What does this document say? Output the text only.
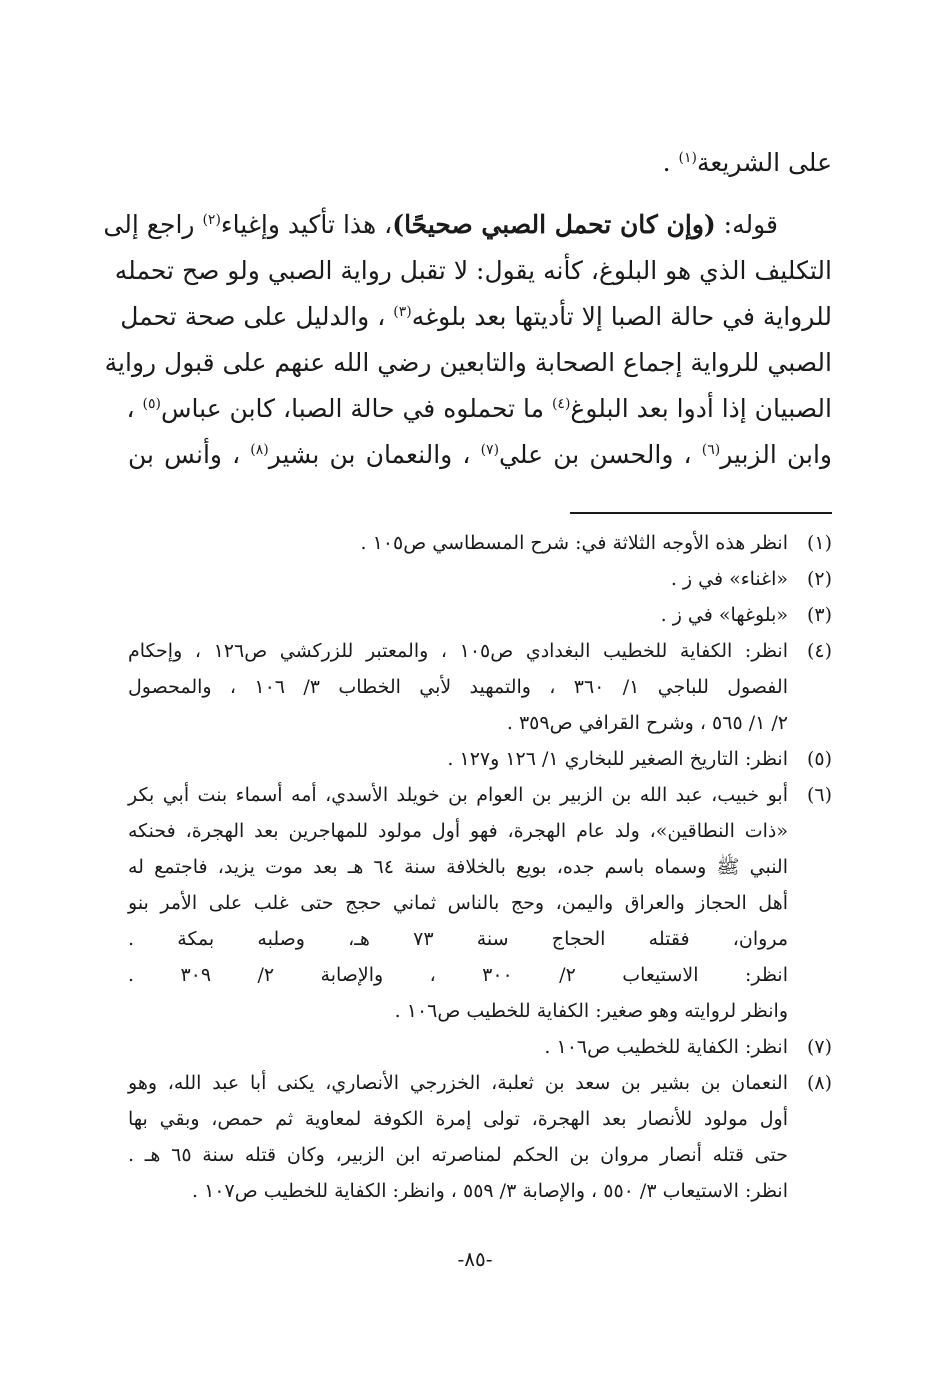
على الشريعة$^{(١)}$ .
قوله: (وإن كان تحمل الصبي صحيحًا)، هذا تأكيد وإغياء$^{(٢)}$ راجع إلى
التكليف الذي هو البلوغ، كأنه يقول: لا تقبل رواية الصبي ولو صح تحمله
للرواية في حالة الصبا إلا تأديتها بعد بلوغه$^{(٣)}$ ، والدليل على صحة تحمل
الصبي للرواية إجماع الصحابة والتابعين رضي الله عنهم على قبول رواية
الصبيان إذا أدوا بعد البلوغ$^{(٤)}$ ما تحملوه في حالة الصبا، كابن عباس$^{(٥)}$ ،
وابن الزبير$^{(٦)}$ ، والحسن بن علي$^{(٧)}$ ، والنعمان بن بشير$^{(٨)}$ ، وأنس بن
(١)
انظر هذه الأوجه الثلاثة في: شرح المسطاسي ص١٠٥ .
(٢)
«اغناء» في ز .
(٣)
«بلوغها» في ز .
(٤)
انظر: الكفاية للخطيب البغدادي ص١٠٥ ، والمعتبر للزركشي ص١٢٦ ، وإحكام
الفصول للباجي ١/ ٣٦٠ ، والتمهيد لأبي الخطاب ٣/ ١٠٦ ، والمحصول
٢/ ١/ ٥٦٥ ، وشرح القرافي ص٣٥٩ .
(٥)
انظر: التاريخ الصغير للبخاري ١/ ١٢٦ و١٢٧ .
(٦)
أبو خبيب، عبد الله بن الزبير بن العوام بن خويلد الأسدي، أمه أسماء بنت أبي بكر
«ذات النطاقين»، ولد عام الهجرة، فهو أول مولود للمهاجرين بعد الهجرة، فحنكه
النبي ﷺ وسماه باسم جده، بويع بالخلافة سنة ٦٤ هـ بعد موت يزيد، فاجتمع له
أهل الحجاز والعراق واليمن، وحج بالناس ثماني حجج حتى غلب على الأمر بنو
مروان، فقتله الحجاج سنة ٧٣ هـ، وصلبه بمكة .
انظر: الاستيعاب ٢/ ٣٠٠ ، والإصابة ٢/ ٣٠٩ .
وانظر لروايته وهو صغير: الكفاية للخطيب ص١٠٦ .
(٧)
انظر: الكفاية للخطيب ص١٠٦ .
(٨)
النعمان بن بشير بن سعد بن ثعلبة، الخزرجي الأنصاري، يكنى أبا عبد الله، وهو
أول مولود للأنصار بعد الهجرة، تولى إمرة الكوفة لمعاوية ثم حمص، وبقي بها
حتى قتله أنصار مروان بن الحكم لمناصرته ابن الزبير، وكان قتله سنة ٦٥ هـ .
انظر: الاستيعاب ٣/ ٥٥٠ ، والإصابة ٣/ ٥٥٩ ، وانظر: الكفاية للخطيب ص١٠٧ .
-٨٥-
